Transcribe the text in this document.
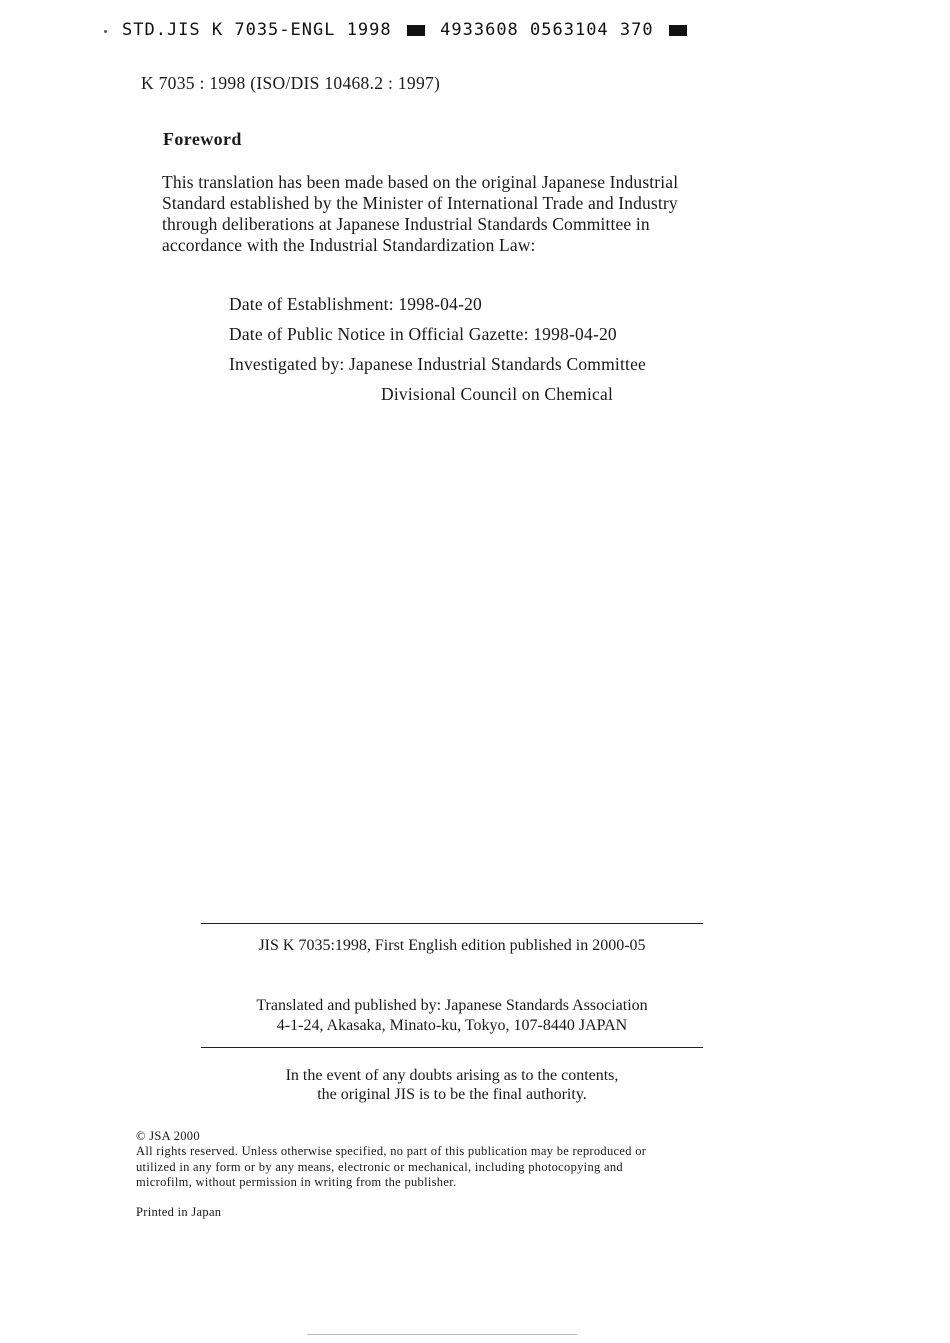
STD.JIS K 7035-ENGL 1998	4933608 0563104 370
K 7035 : 1998 (ISO/DIS 10468.2 : 1997)
Foreword
This translation has been made based on the original Japanese Industrial
Standard established by the Minister of International Trade and Industry
through deliberations at Japanese Industrial Standards Committee in
accordance with the Industrial Standardization Law:
Date of Establishment: 1998-04-20
Date of Public Notice in Official Gazette: 1998-04-20
Investigated by: Japanese Industrial Standards Committee
Divisional Council on Chemical
JIS K 7035:1998, First English edition published in 2000-05
Translated and published by: Japanese Standards Association
4-1-24, Akasaka, Minato-ku, Tokyo, 107-8440 JAPAN
In the event of any doubts arising as to the contents,
the original JIS is to be the final authority.
© JSA 2000
All rights reserved. Unless otherwise specified, no part of this publication may be reproduced or
utilized in any form or by any means, electronic or mechanical, including photocopying and
microfilm, without permission in writing from the publisher.
Printed in Japan
